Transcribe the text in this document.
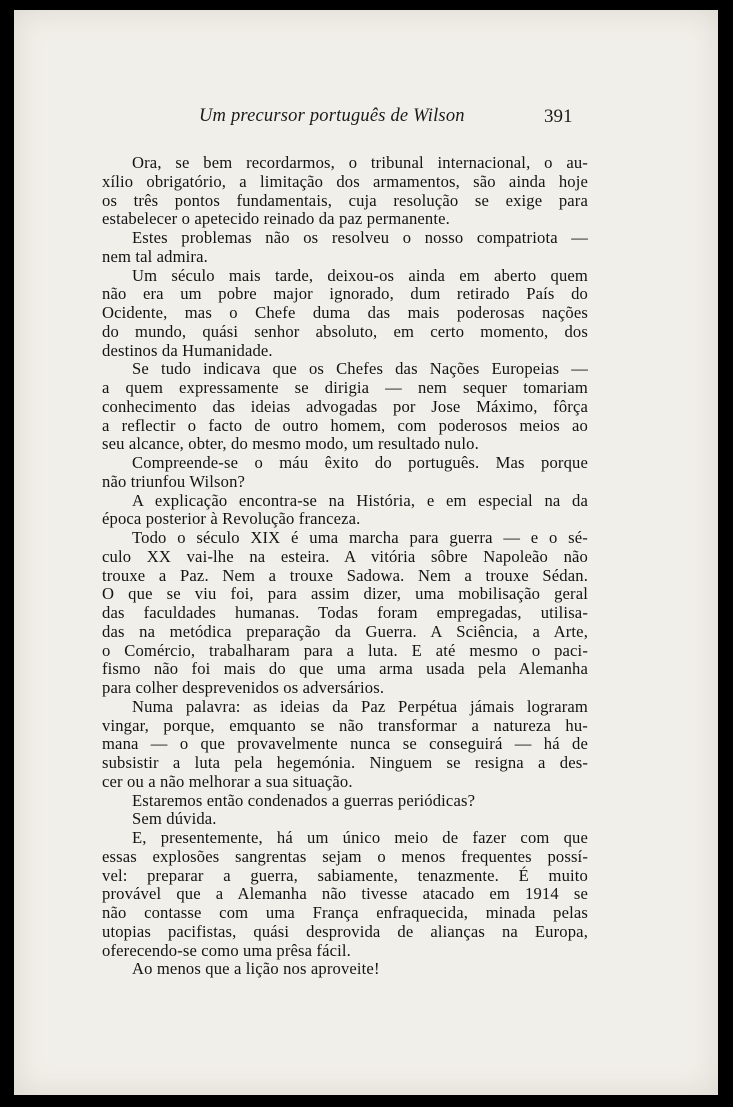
Um precursor português de Wilson	391
Ora, se bem recordarmos, o tribunal internacional, o au-
xílio obrigatório, a limitação dos armamentos, são ainda hoje
os três pontos fundamentais, cuja resolução se exige para
estabelecer o apetecido reinado da paz permanente.
Estes problemas não os resolveu o nosso compatriota —
nem tal admira.
Um século mais tarde, deixou-os ainda em aberto quem
não era um pobre major ignorado, dum retirado País do
Ocidente, mas o Chefe duma das mais poderosas nações
do mundo, quási senhor absoluto, em certo momento, dos
destinos da Humanidade.
Se tudo indicava que os Chefes das Nações Europeias —
a quem expressamente se dirigia — nem sequer tomariam
conhecimento das ideias advogadas por Jose Máximo, fôrça
a reflectir o facto de outro homem, com poderosos meios ao
seu alcance, obter, do mesmo modo, um resultado nulo.
Compreende-se o máu êxito do português. Mas porque
não triunfou Wilson?
A explicação encontra-se na História, e em especial na da
época posterior à Revolução franceza.
Todo o século XIX é uma marcha para guerra — e o sé-
culo XX vai-lhe na esteira. A vitória sôbre Napoleão não
trouxe a Paz. Nem a trouxe Sadowa. Nem a trouxe Sédan.
O que se viu foi, para assim dizer, uma mobilisação geral
das faculdades humanas. Todas foram empregadas, utilisa-
das na metódica preparação da Guerra. A Sciência, a Arte,
o Comércio, trabalharam para a luta. E até mesmo o paci-
fismo não foi mais do que uma arma usada pela Alemanha
para colher desprevenidos os adversários.
Numa palavra: as ideias da Paz Perpétua jámais lograram
vingar, porque, emquanto se não transformar a natureza hu-
mana — o que provavelmente nunca se conseguirá — há de
subsistir a luta pela hegemónia. Ninguem se resigna a des-
cer ou a não melhorar a sua situação.
Estaremos então condenados a guerras periódicas?
Sem dúvida.
E, presentemente, há um único meio de fazer com que
essas explosões sangrentas sejam o menos frequentes possí-
vel: preparar a guerra, sabiamente, tenazmente. É muito
provável que a Alemanha não tivesse atacado em 1914 se
não contasse com uma França enfraquecida, minada pelas
utopias pacifistas, quási desprovida de alianças na Europa,
oferecendo-se como uma prêsa fácil.
Ao menos que a lição nos aproveite!
